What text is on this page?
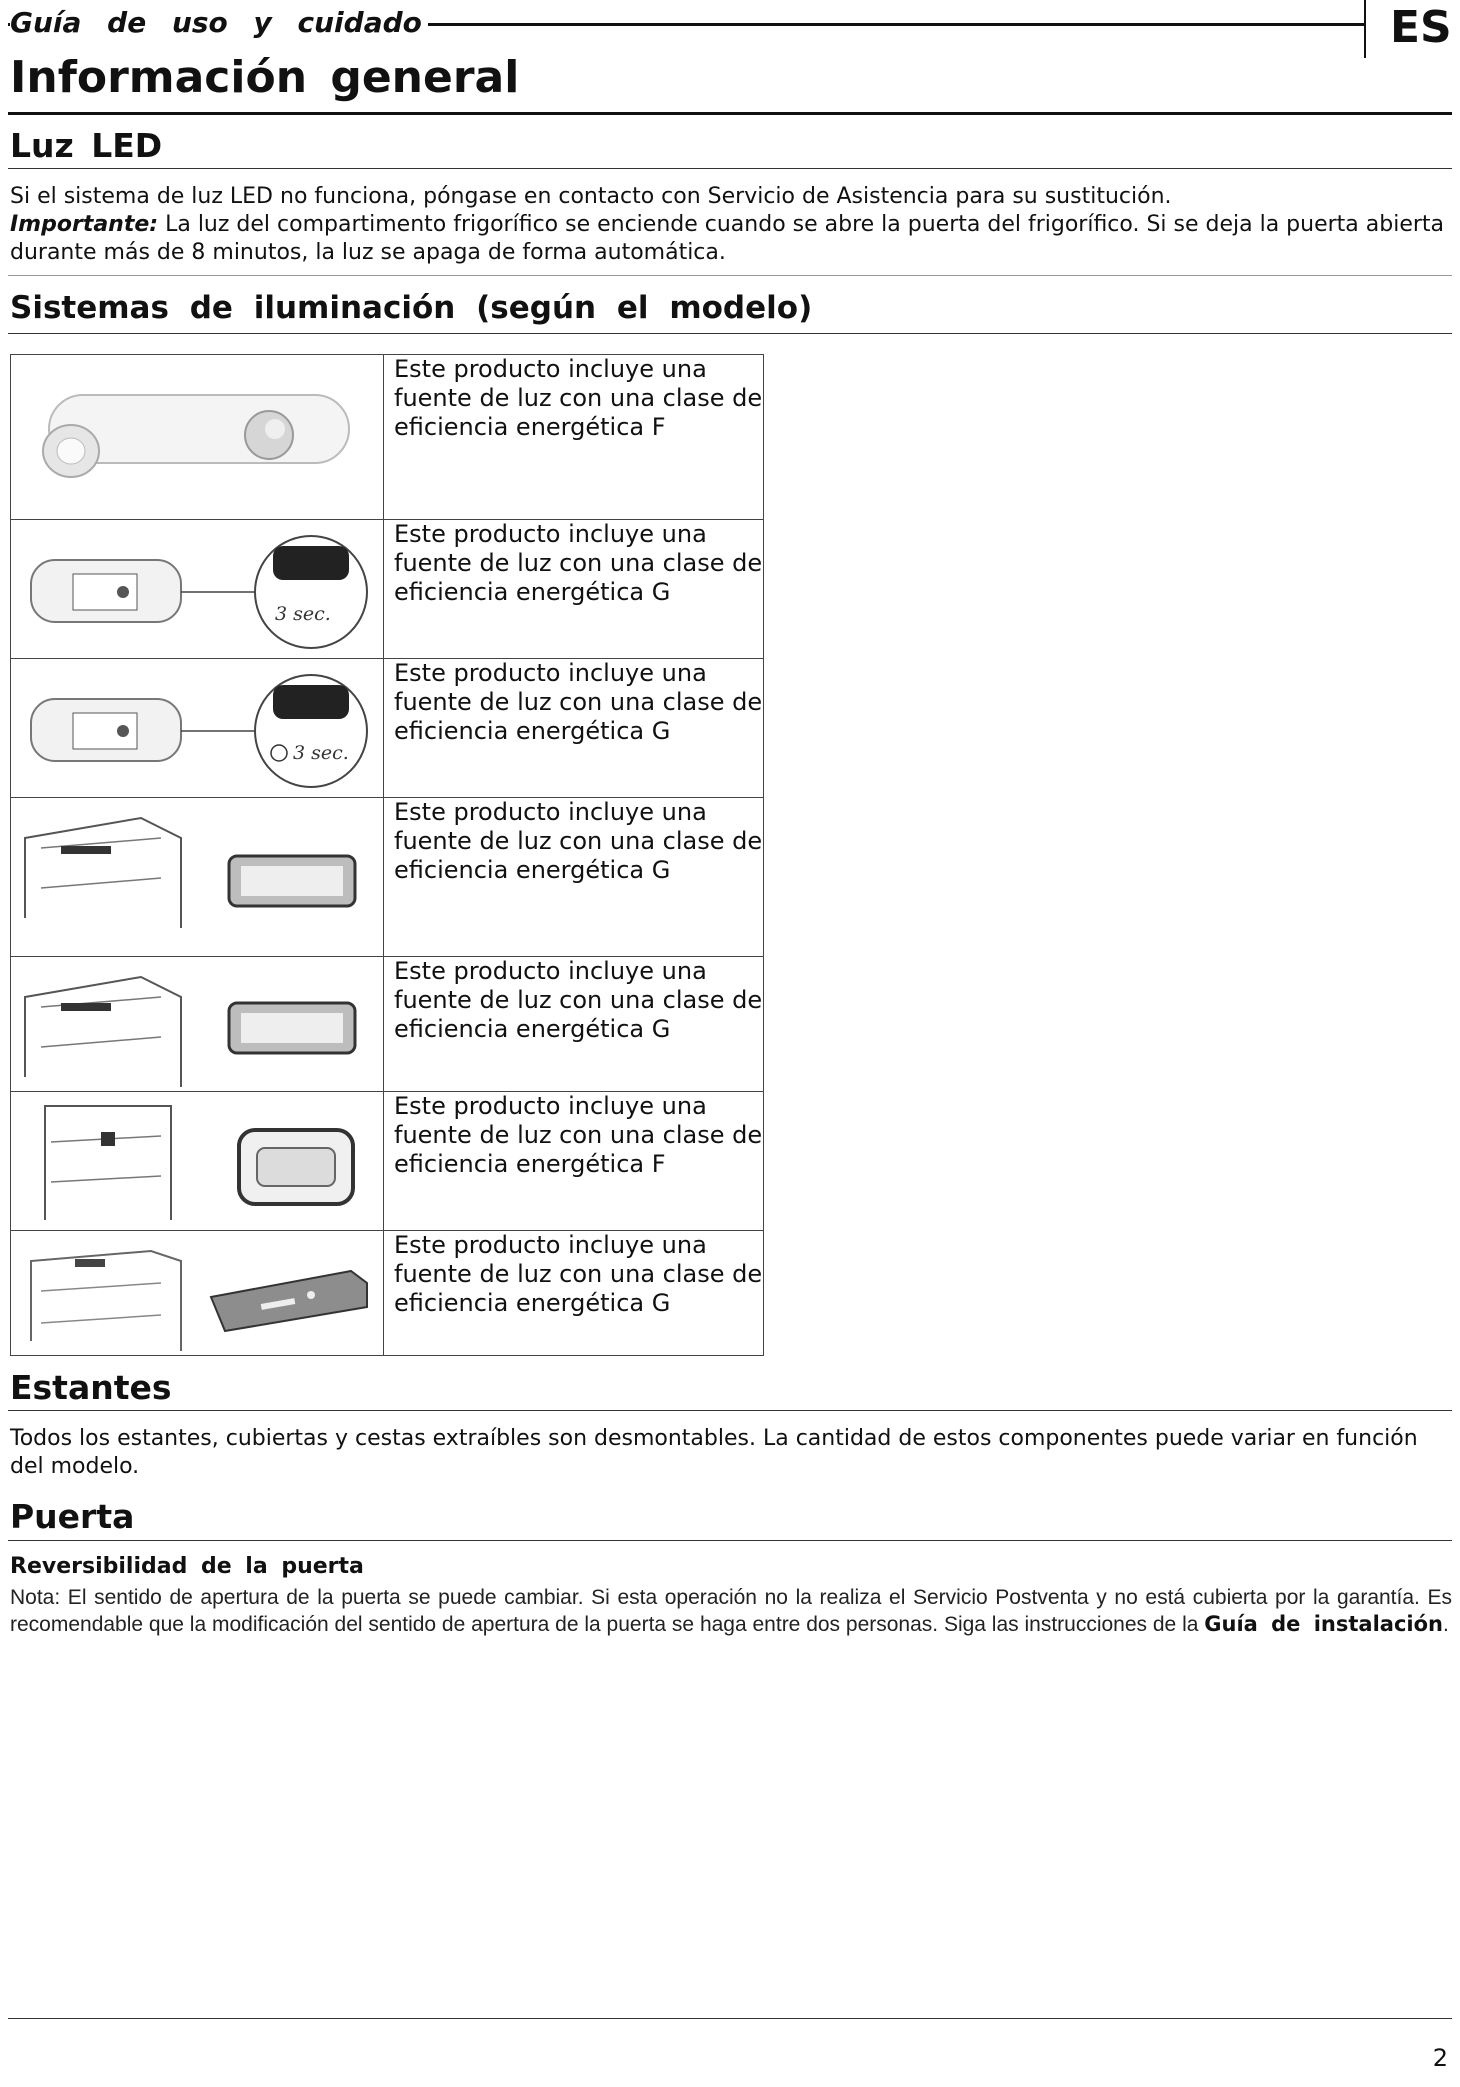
Guía de uso y cuidado	ES
Información general
Luz LED
Si el sistema de luz LED no funciona, póngase en contacto con Servicio de Asistencia para su sustitución.
Importante: La luz del compartimento frigorífico se enciende cuando se abre la puerta del frigorífico. Si se deja la puerta abierta durante más de 8 minutos, la luz se apaga de forma automática.
Sistemas de iluminación (según el modelo)
	Este producto incluye una fuente de luz con una clase de eficiencia energética F

3 sec.	Este producto incluye una fuente de luz con una clase de eficiencia energética G

3 sec.	Este producto incluye una fuente de luz con una clase de eficiencia energética G

	Este producto incluye una fuente de luz con una clase de eficiencia energética G

	Este producto incluye una fuente de luz con una clase de eficiencia energética G

	Este producto incluye una fuente de luz con una clase de eficiencia energética F

	Este producto incluye una fuente de luz con una clase de eficiencia energética G
Estantes
Todos los estantes, cubiertas y cestas extraíbles son desmontables. La cantidad de estos componentes puede variar en función del modelo.
Puerta
Reversibilidad de la puerta
Nota: El sentido de apertura de la puerta se puede cambiar. Si esta operación no la realiza el Servicio Postventa y no está cubierta por la garantía. Es recomendable que la modificación del sentido de apertura de la puerta se haga entre dos personas. Siga las instrucciones de la Guía de instalación.
2
